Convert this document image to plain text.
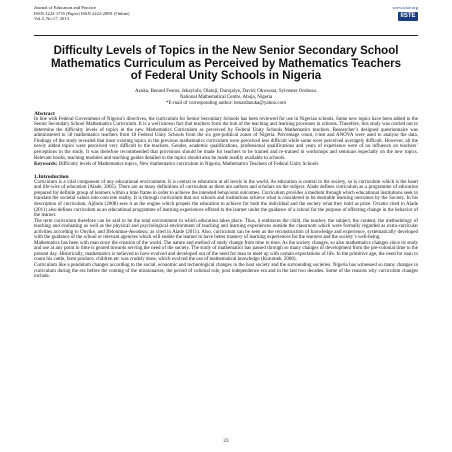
Journal of Education and Practice
ISSN 2222-1735 (Paper) ISSN 2222-288X (Online)
Vol.4, No.17, 2013
www.iiste.org
IISTE
Difficulty Levels of Topics in the New Senior Secondary School
Mathematics Curriculum as Perceived by Mathematics Teachers
of Federal Unity Schools in Nigeria
Azuka, Benard Festus; Jekayinfa, Olatoji; Durojaiye, David; Okwuoza, Sylvester Orobosa.
National Mathematical Centre, Abuja, Nigeria
*E-mail of corresponding author: benardazuka@yahoo.com
Abstract

In line with Federal Government of Nigeria’s directives, the curriculum for Senior Secondary Schools has been reviewed for use in Nigerian schools. Some new topics have been added to the Senior Secondary School Mathematics Curriculum. It is a well known fact that teachers form the hub of the teaching and learning processes in schools. Therefore, this study was carried out to determine the difficulty levels of topics in the new Mathematics Curriculum as perceived by Federal Unity Schools Mathematics teachers. Researcher’s designed questionnaire was administered to 58 mathematics teachers from 18 Federal Unity Schools from the six geo-political zones of Nigeria. Percentage count, t-test and ANOVA were used to analyze the data. Findings of the study revealed that most existing topics in the previous mathematics curriculum were perceived less difficult while some were perceived averagely difficult. However, all the newly added topics were perceived very difficult to the teachers. Gender, academic qualifications, professional qualifications and years of experience were of no influence on teachers’ perceptions in the study. It was therefore recommended that provisions should be made for teachers to be trained and re-trained in workshops and seminars especially on the new topics. Relevant books, teaching modules and teaching guides detailed in the topics should also be made readily available to schools.

Keywords: Difficulty levels of Mathematics topics, New mathematics curriculum in Nigeria, Mathematics Teachers of Federal Unity Schools

1.Introduction

Curriculum is a vital component of any educational environment. It is central to education at all levels in the world. As education is central to the society, so is curriculum which is the heart and life-wire of education (Alade, 2005). There are as many definitions of curriculum as there are authors and scholars on the subject. Alade defines curriculum as a programme of education prepared for definite group of learners within a time frame in order to achieve the intended behavioral outcomes. Curriculum provides a medium through which educational institutions seek to translate the societal values into concrete reality. It is through curriculum that our schools and institutions achieve what is considered to be desirable learning outcomes by the Society. In his description of curriculum, Ajibola (2008) sees it as the engine which propels the education to achieve for both the individual and the society what they hold as prize. Oviatio cited in Alade (2011) also defines curriculum as an educational programme of learning experiences offered to the learner under the guidance of a school for the purpose of effecting change in the behavior of the learner.

The term curriculum therefore can be said to be the total environment in which education takes place. Thus, it embraces the child, the teacher, the subject, the content, the methodology of teaching and evaluating as well as the physical and psychological environment of teaching and learning experiences outside the classroom which were formally regarded as extra-curricular activities according to Onyike, and Ifeloumno-Awodezu, as cited in Alade (2011). Also, curriculum can be seen as the reconstruction of knowledge and experience, systematically developed with the guidance of the school or relevant agencies which will enable the learner to have better mastery of learning experiences for the learners and the society’s well-being.

Mathematics has been with man since the creation of the world. The nature and method of study change from time to time. As the society changes, so also mathematics changes since its study and use at any point in time is geared towards serving the need of the society. The study of mathematics has passed through so many changes of development from the pre-colonial time to the present day. Historically, mathematics is believed to have evolved and developed out of the need for man to meet up with certain expectations of life. In the primitive age, the need for man to count his cattle, farm produce, children etc was crudely done, which evolved the use of mathematical knowledge (Kurumeh, 2006).

Curriculum like a pendulum changes according to the social, economic and technological changes in the host society and the surrounding societies. Nigeria has witnessed so many changes in curriculum during the era before the coming of the missionaries, the period of colonial rule, post independence era and in the last two decades. Some of the reasons why curriculum changes include.

23
